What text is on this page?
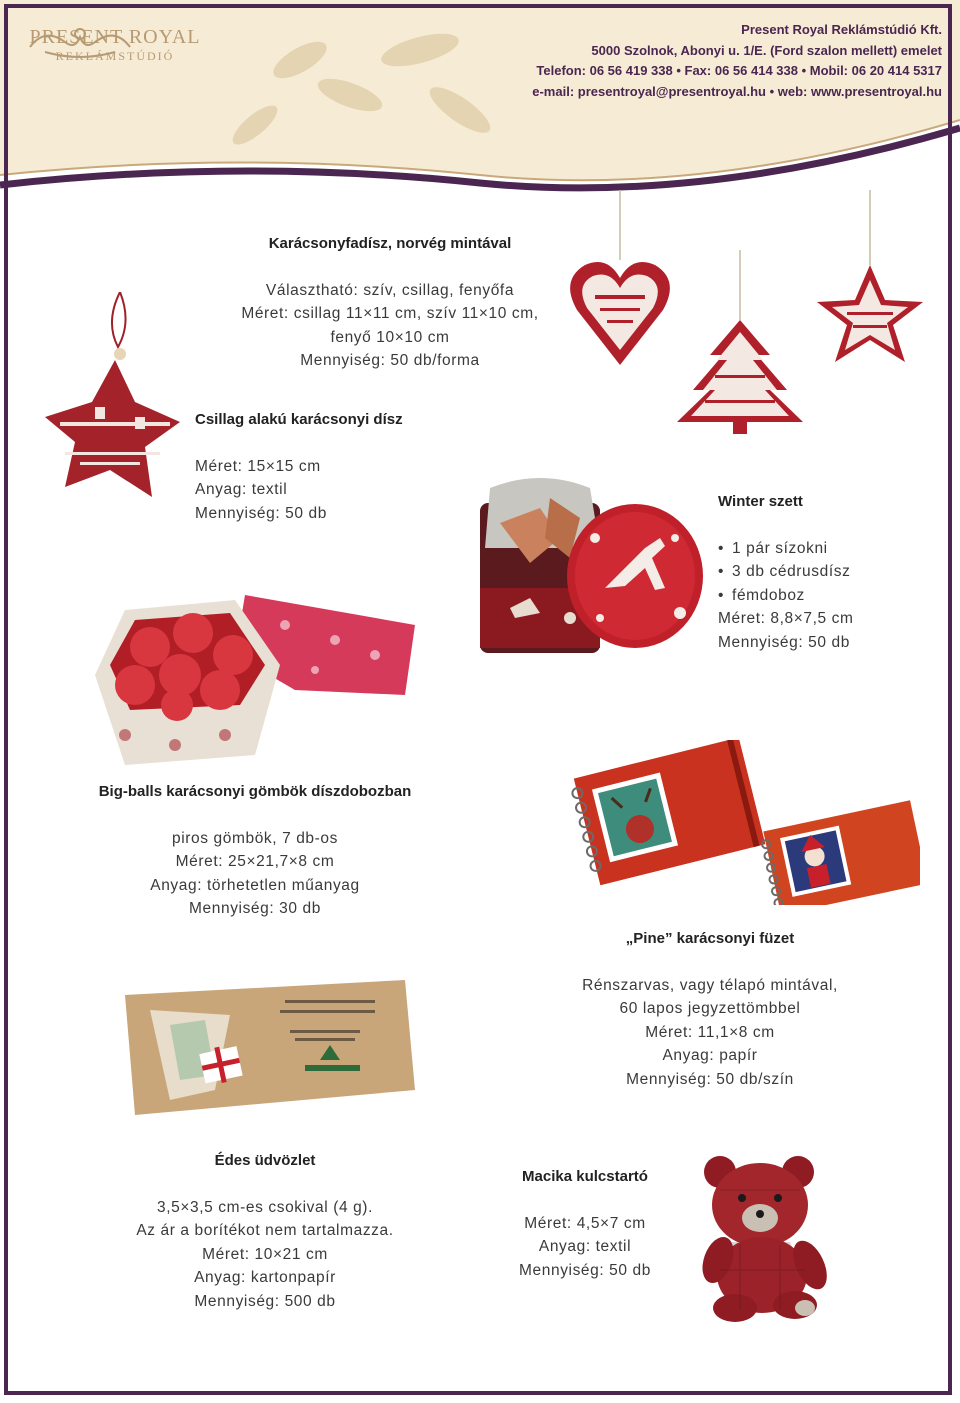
PRESENT ROYAL
REKLÁMSTÚDIÓ
Present Royal Reklámstúdió Kft.
5000 Szolnok, Abonyi u. 1/E. (Ford szalon mellett) emelet
Telefon: 06 56 419 338 • Fax: 06 56 414 338 • Mobil: 06 20 414 5317
e-mail: presentroyal@presentroyal.hu • web: www.presentroyal.hu
Karácsonyfadísz, norvég mintával
Választható: szív, csillag, fenyőfa
Méret: csillag 11×11 cm, szív 11×10 cm,
fenyő 10×10 cm
Mennyiség: 50 db/forma
Csillag alakú karácsonyi dísz
Méret: 15×15 cm
Anyag: textil
Mennyiség: 50 db
Winter szett
• 1 pár sízokni
• 3 db cédrusdísz
• fémdoboz
Méret: 8,8×7,5 cm
Mennyiség: 50 db
Big-balls karácsonyi gömbök díszdobozban
piros gömbök, 7 db-os
Méret: 25×21,7×8 cm
Anyag: törhetetlen műanyag
Mennyiség: 30 db
„Pine” karácsonyi füzet
Rénszarvas, vagy télapó mintával,
60 lapos jegyzettömbbel
Méret: 11,1×8 cm
Anyag: papír
Mennyiség: 50 db/szín
Édes üdvözlet
3,5×3,5 cm-es csokival (4 g).
Az ár a borítékot nem tartalmazza.
Méret: 10×21 cm
Anyag: kartonpapír
Mennyiség: 500 db
Macika kulcstartó
Méret: 4,5×7 cm
Anyag: textil
Mennyiség: 50 db
